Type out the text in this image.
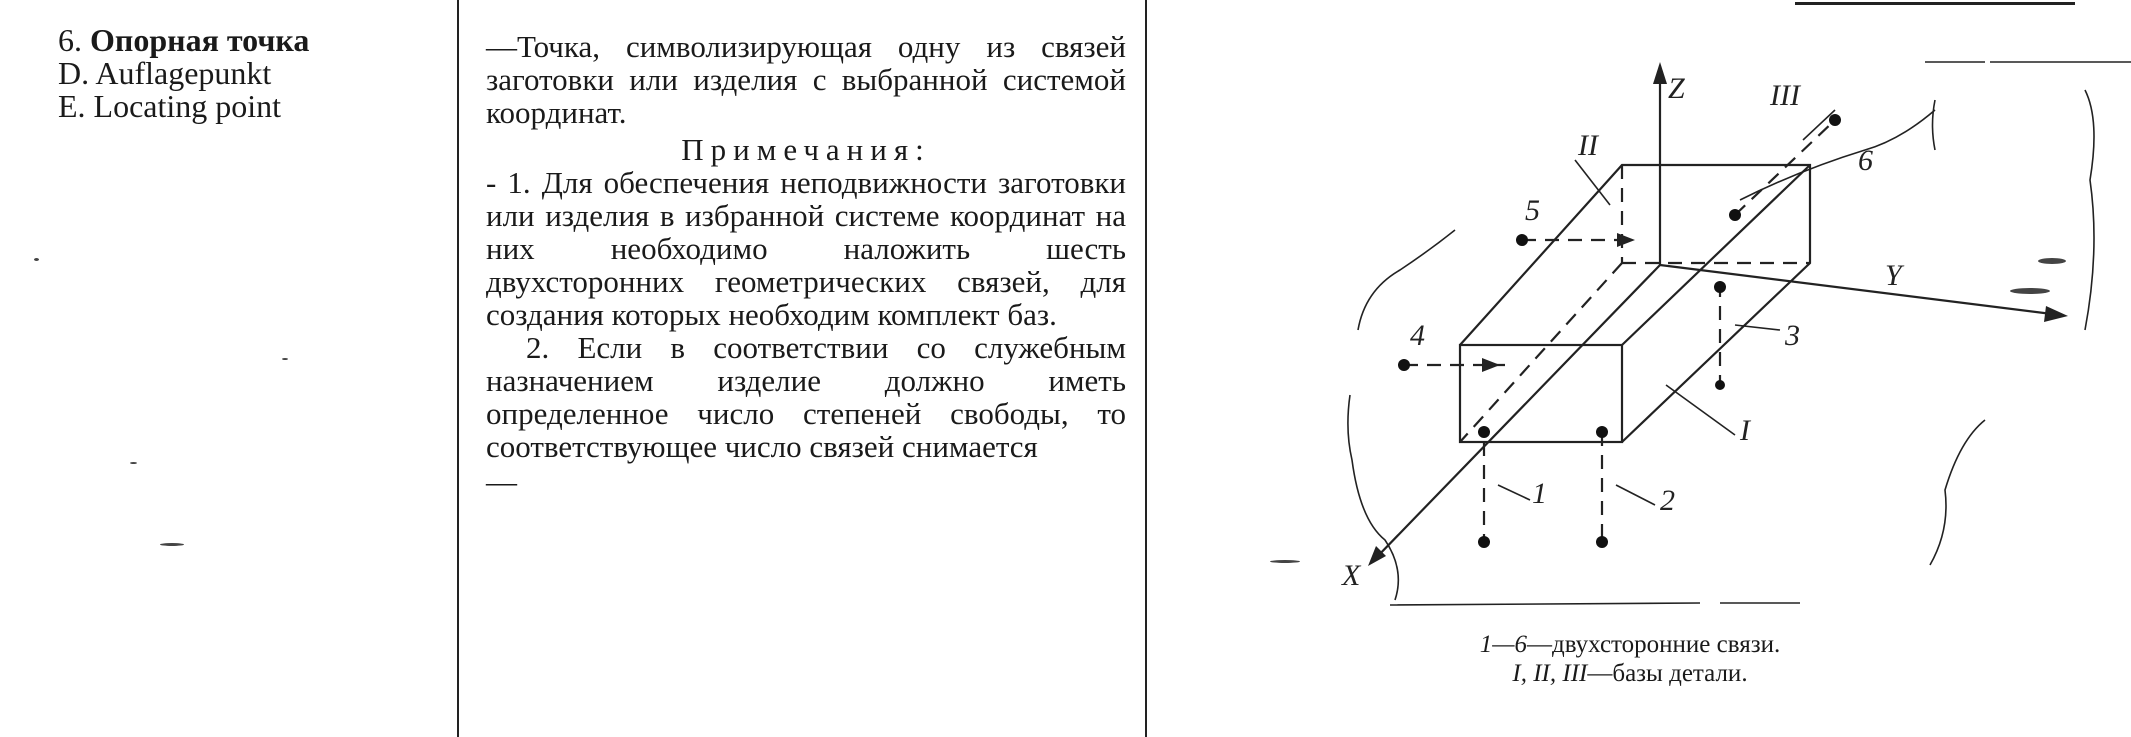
6. Опорная точка
D. Auflagepunkt
E. Locating point

—Точка, символизирующая одну из связей заготовки или изделия с выбранной системой координат.

Примечания:

- 1. Для обеспечения неподвижности заготовки или изделия в избранной системе координат на них необходимо наложить шесть двухсторонних геометрических связей, для создания которых необходим комплект баз.

2. Если в соответствии со служебным назначением изделие должно иметь определенное число степеней свободы, то соответствующее число связей снимается

—

Z
Y
X
1	2
3
4
5
6
I
II
III
1—6—двухсторонние связи.
I, II, III—базы детали.
